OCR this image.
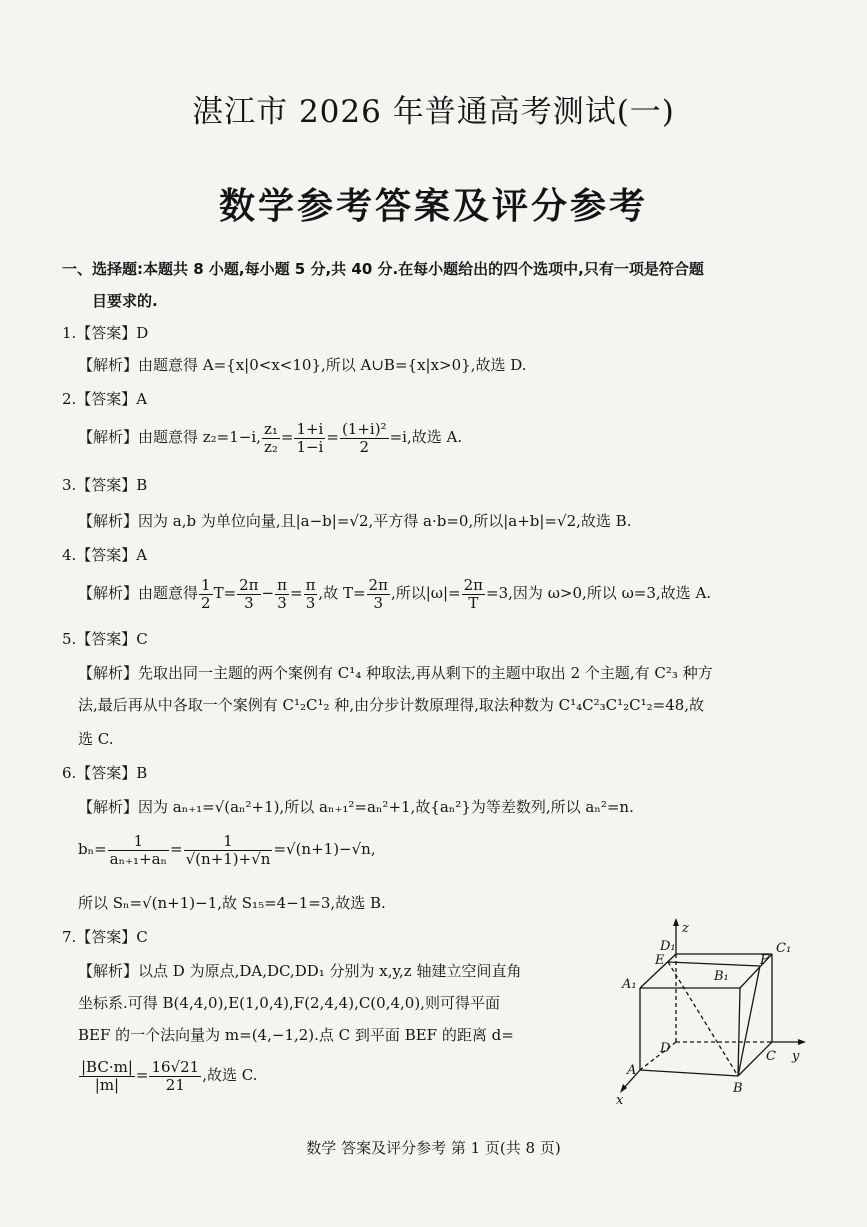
湛江市 2026 年普通高考测试(一)
数学参考答案及评分参考
一、选择题:本题共 8 小题,每小题 5 分,共 40 分.在每小题给出的四个选项中,只有一项是符合题
目要求的.
1.【答案】D
【解析】由题意得 A={x|0<x<10},所以 A∪B={x|x>0},故选 D.
2.【答案】A
【解析】由题意得 z₂=1−i, $\frac{\text{z₁}}{\text{z₂}} = \frac{1+i}{1-i} = \frac{\text{(1+i)²}}{2} =i$,故选 A.
3.【答案】B
【解析】因为 a,b 为单位向量,且|a−b|=√2,平方得 a·b=0,所以|a+b|=√2,故选 B.
4.【答案】A
【解析】由题意得 $\frac{1}{2} T= \frac{2\pi}{3} - \frac{\pi}{3} = \frac{\pi}{3}$ ,故 $T= \frac{2\pi}{3}$ ,所以$|\omega|= \frac{2\pi}{T} =3$,因为 ω>0,所以 ω=3,故选 A.
5.【答案】C
【解析】先取出同一主题的两个案例有 C¹₄ 种取法,再从剩下的主题中取出 2 个主题,有 C²₃ 种方
法,最后再从中各取一个案例有 C¹₂C¹₂ 种,由分步计数原理得,取法种数为 C¹₄C²₃C¹₂C¹₂=48,故
选 C.
6.【答案】B
【解析】因为 aₙ₊₁=√(aₙ²+1),所以 aₙ₊₁²=aₙ²+1,故{aₙ²}为等差数列,所以 aₙ²=n.
$b_n= \frac{1}{\text{aₙ₊₁+aₙ}} = \frac{1}{√(n+1)+√n} =√(n+1)-√n$,
所以 Sₙ=√(n+1)−1,故 S₁₅=4−1=3,故选 B.
7.【答案】C
【解析】以点 D 为原点,DA,DC,DD₁ 分别为 x,y,z 轴建立空间直角
坐标系.可得 B(4,4,0),E(1,0,4),F(2,4,4),C(0,4,0),则可得平面
BEF 的一个法向量为 m=(4,−1,2).点 C 到平面 BEF 的距离 d=
$\frac{|BC\cdot m|}{|m|} = \frac{16√21}{21}$ ,故选 C.
z
y
x
D₁	C₁
A₁
B₁
E	F
D
C
A
B
数学 答案及评分参考 第 1 页(共 8 页)
